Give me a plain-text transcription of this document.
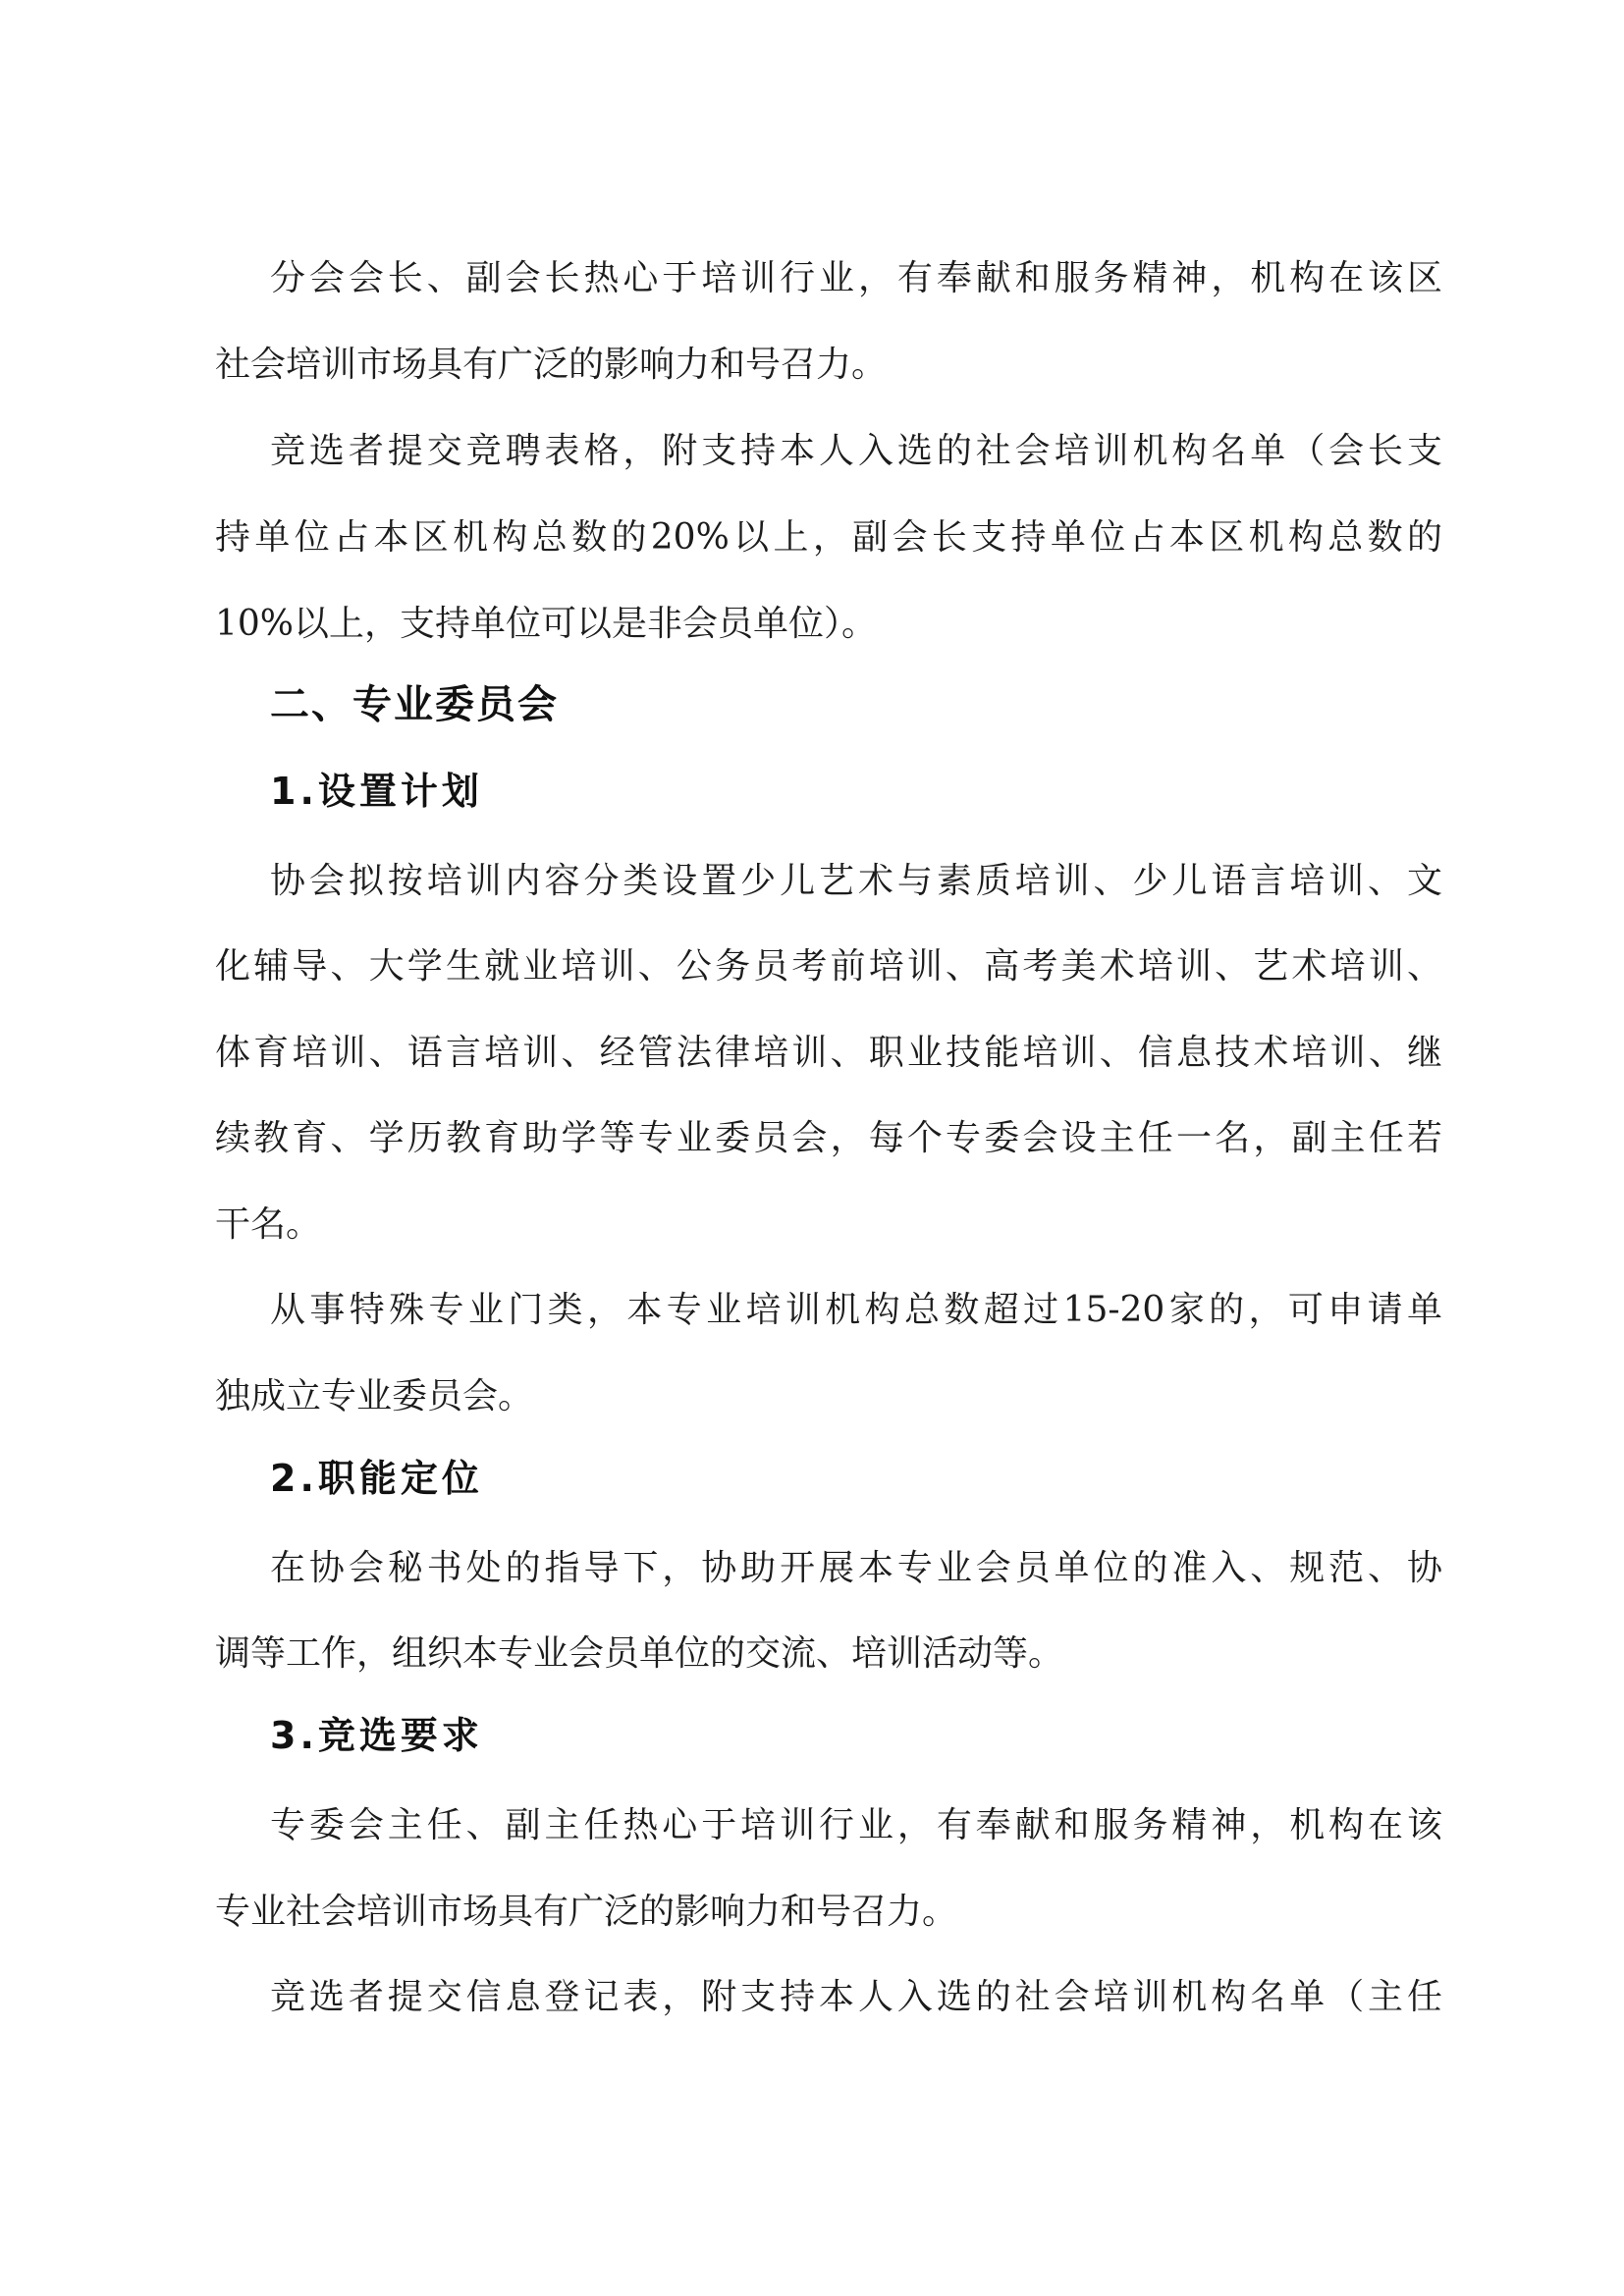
分会会长、副会长热心于培训行业，有奉献和服务精神，机构在该区

社会培训市场具有广泛的影响力和号召力。

竞选者提交竞聘表格，附支持本人入选的社会培训机构名单（会长支

持单位占本区机构总数的20%以上，副会长支持单位占本区机构总数的

10%以上，支持单位可以是非会员单位）。

二、专业委员会
1.设置计划

协会拟按培训内容分类设置少儿艺术与素质培训、少儿语言培训、文

化辅导、大学生就业培训、公务员考前培训、高考美术培训、艺术培训、

体育培训、语言培训、经管法律培训、职业技能培训、信息技术培训、继

续教育、学历教育助学等专业委员会，每个专委会设主任一名，副主任若

干名。

从事特殊专业门类，本专业培训机构总数超过15-20家的，可申请单

独成立专业委员会。

2.职能定位

在协会秘书处的指导下，协助开展本专业会员单位的准入、规范、协

调等工作，组织本专业会员单位的交流、培训活动等。

3.竞选要求

专委会主任、副主任热心于培训行业，有奉献和服务精神，机构在该

专业社会培训市场具有广泛的影响力和号召力。

竞选者提交信息登记表，附支持本人入选的社会培训机构名单（主任
